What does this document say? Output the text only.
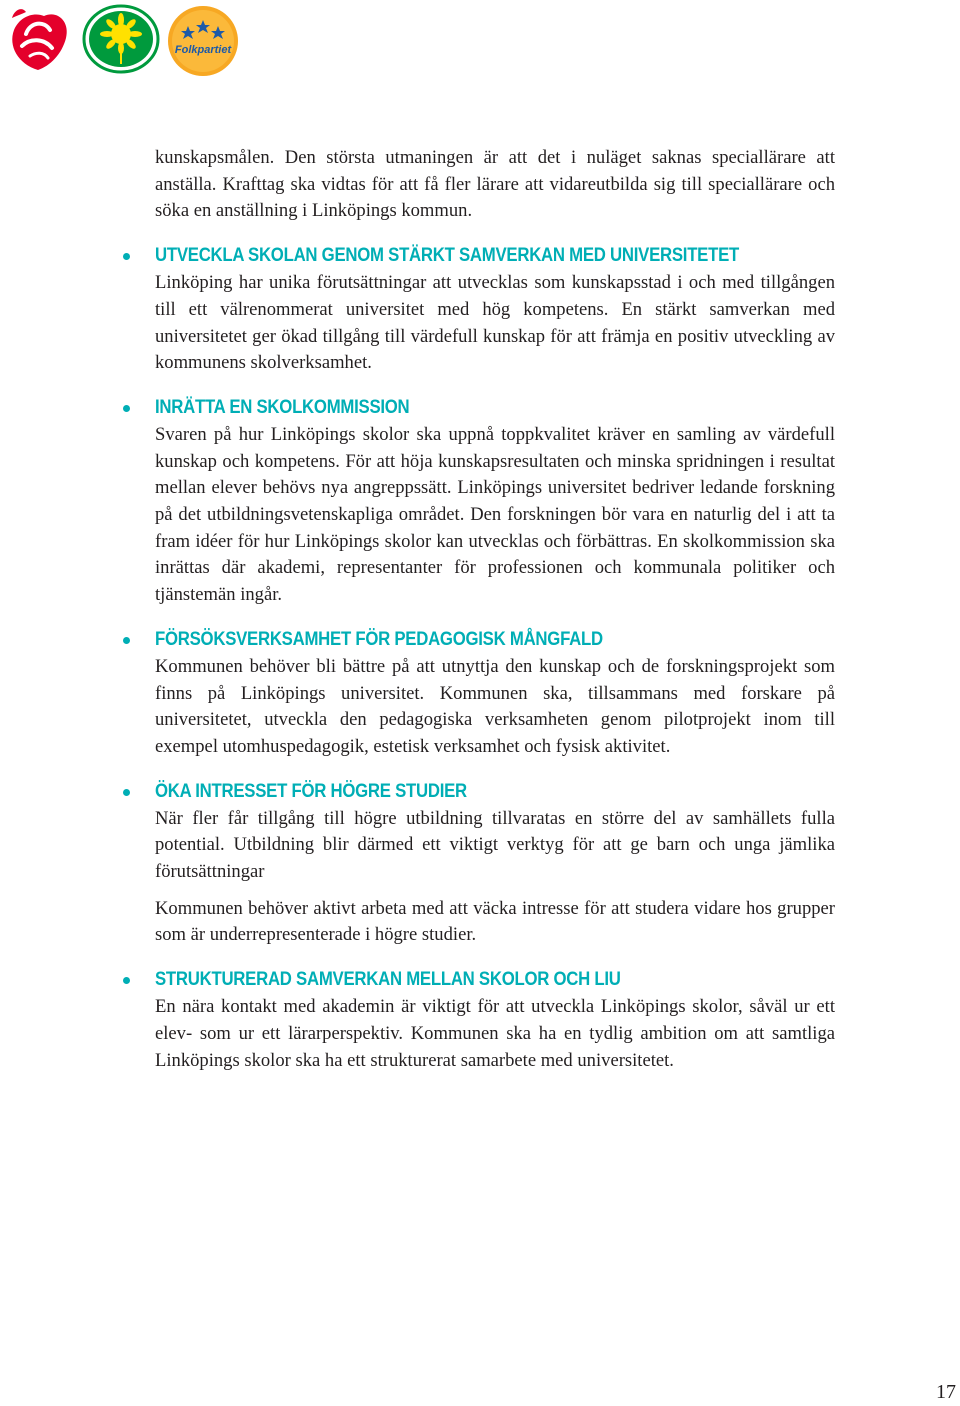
Folkpartiet

kunskapsmålen. Den största utmaningen är att det i nuläget saknas speciallärare att anställa. Krafttag ska vidtas för att få fler lärare att vidareutbilda sig till speciallärare och söka en anställning i Linköpings kommun.

UTVECKLA SKOLAN GENOM STÄRKT SAMVERKAN MED UNIVERSITETET

Linköping har unika förutsättningar att utvecklas som kunskapsstad i och med tillgången till ett välrenommerat universitet med hög kompetens. En stärkt samverkan med universitetet ger ökad tillgång till värdefull kunskap för att främja en positiv utveckling av kommunens skolverksamhet.

INRÄTTA EN SKOLKOMMISSION

Svaren på hur Linköpings skolor ska uppnå toppkvalitet kräver en samling av värdefull kunskap och kompetens. För att höja kunskapsresultaten och minska spridningen i resultat mellan elever behövs nya angreppssätt. Linköpings universitet bedriver ledande forskning på det utbildningsvetenskapliga området. Den forskningen bör vara en naturlig del i att ta fram idéer för hur Linköpings skolor kan utvecklas och förbättras. En skolkommission ska inrättas där akademi, representanter för professionen och kommunala politiker och tjänstemän ingår.

FÖRSÖKSVERKSAMHET FÖR PEDAGOGISK MÅNGFALD

Kommunen behöver bli bättre på att utnyttja den kunskap och de forskningsprojekt som finns på Linköpings universitet. Kommunen ska, tillsammans med forskare på universitetet, utveckla den pedagogiska verksamheten genom pilotprojekt inom till exempel utomhuspedagogik, estetisk verksamhet och fysisk aktivitet.

ÖKA INTRESSET FÖR HÖGRE STUDIER

När fler får tillgång till högre utbildning tillvaratas en större del av samhällets fulla potential. Utbildning blir därmed ett viktigt verktyg för att ge barn och unga jämlika förutsättningar

Kommunen behöver aktivt arbeta med att väcka intresse för att studera vidare hos grupper som är underrepresenterade i högre studier.

STRUKTURERAD SAMVERKAN MELLAN SKOLOR OCH LIU

En nära kontakt med akademin är viktigt för att utveckla Linköpings skolor, såväl ur ett elev- som ur ett lärarperspektiv. Kommunen ska ha en tydlig ambition om att samtliga Linköpings skolor ska ha ett strukturerat samarbete med universitetet.

17
